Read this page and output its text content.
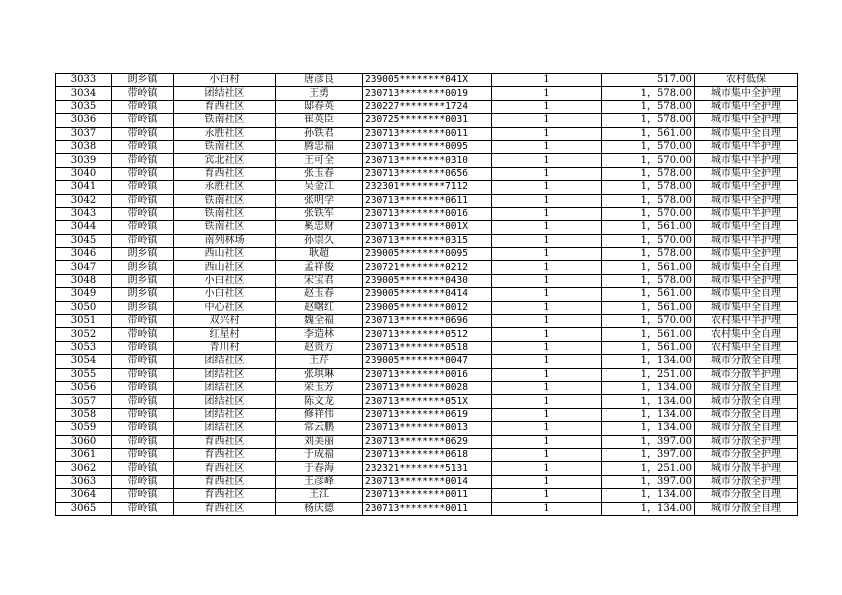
3033	朗乡镇	小白村	唐彦良	239005********041X	1	517.00	农村低保
3034	带岭镇	团结社区	王勇	230713********0019	1	1，578.00	城市集中全护理
3035	带岭镇	育西社区	邸春英	230227********1724	1	1，578.00	城市集中全护理
3036	带岭镇	铁南社区	崔英臣	230725********0031	1	1，578.00	城市集中全护理
3037	带岭镇	永胜社区	孙铁君	230713********0011	1	1，561.00	城市集中全自理
3038	带岭镇	铁南社区	腾忠福	230713********0095	1	1，570.00	城市集中半护理
3039	带岭镇	宾北社区	王可全	230713********0310	1	1，570.00	城市集中半护理
3040	带岭镇	育西社区	张玉春	230713********0656	1	1，578.00	城市集中全护理
3041	带岭镇	永胜社区	吴金江	232301********7112	1	1，578.00	城市集中全护理
3042	带岭镇	铁南社区	张明学	230713********0611	1	1，578.00	城市集中全护理
3043	带岭镇	铁南社区	张铁军	230713********0016	1	1，570.00	城市集中半护理
3044	带岭镇	铁南社区	奚忠财	230713********001X	1	1，561.00	城市集中全自理
3045	带岭镇	南列林场	孙崇久	230713********0315	1	1，570.00	城市集中半护理
3046	朗乡镇	西山社区	耿超	239005********0095	1	1，578.00	城市集中全护理
3047	朗乡镇	西山社区	孟祥俊	230721********0212	1	1，561.00	城市集中全自理
3048	朗乡镇	小白社区	宋宝君	239005********0430	1	1，578.00	城市集中全护理
3049	朗乡镇	小白社区	赵玉春	239005********0414	1	1，561.00	城市集中全自理
3050	朗乡镇	中心社区	赵曙红	239005********0012	1	1，561.00	城市集中全自理
3051	带岭镇	双兴村	魏全福	230713********0696	1	1，570.00	农村集中半护理
3052	带岭镇	红星村	李造林	230713********0512	1	1，561.00	农村集中全自理
3053	带岭镇	青川村	赵贵方	230713********0518	1	1，561.00	农村集中全自理
3054	带岭镇	团结社区	王芹	239005********0047	1	1，134.00	城市分散全自理
3055	带岭镇	团结社区	张琪琳	230713********0016	1	1，251.00	城市分散半护理
3056	带岭镇	团结社区	荣玉芳	230713********0028	1	1，134.00	城市分散全自理
3057	带岭镇	团结社区	陈文龙	230713********051X	1	1，134.00	城市分散全自理
3058	带岭镇	团结社区	修祥伟	230713********0619	1	1，134.00	城市分散全自理
3059	带岭镇	团结社区	常云鹏	230713********0013	1	1，134.00	城市分散全自理
3060	带岭镇	育西社区	刘美丽	230713********0629	1	1，397.00	城市分散全护理
3061	带岭镇	育西社区	于成福	230713********0618	1	1，397.00	城市分散全护理
3062	带岭镇	育西社区	于春海	232321********5131	1	1，251.00	城市分散半护理
3063	带岭镇	育西社区	王彦峰	230713********0014	1	1，397.00	城市分散全护理
3064	带岭镇	育西社区	王江	230713********0011	1	1，134.00	城市分散全自理
3065	带岭镇	育西社区	杨庆德	230713********0011	1	1，134.00	城市分散全自理
